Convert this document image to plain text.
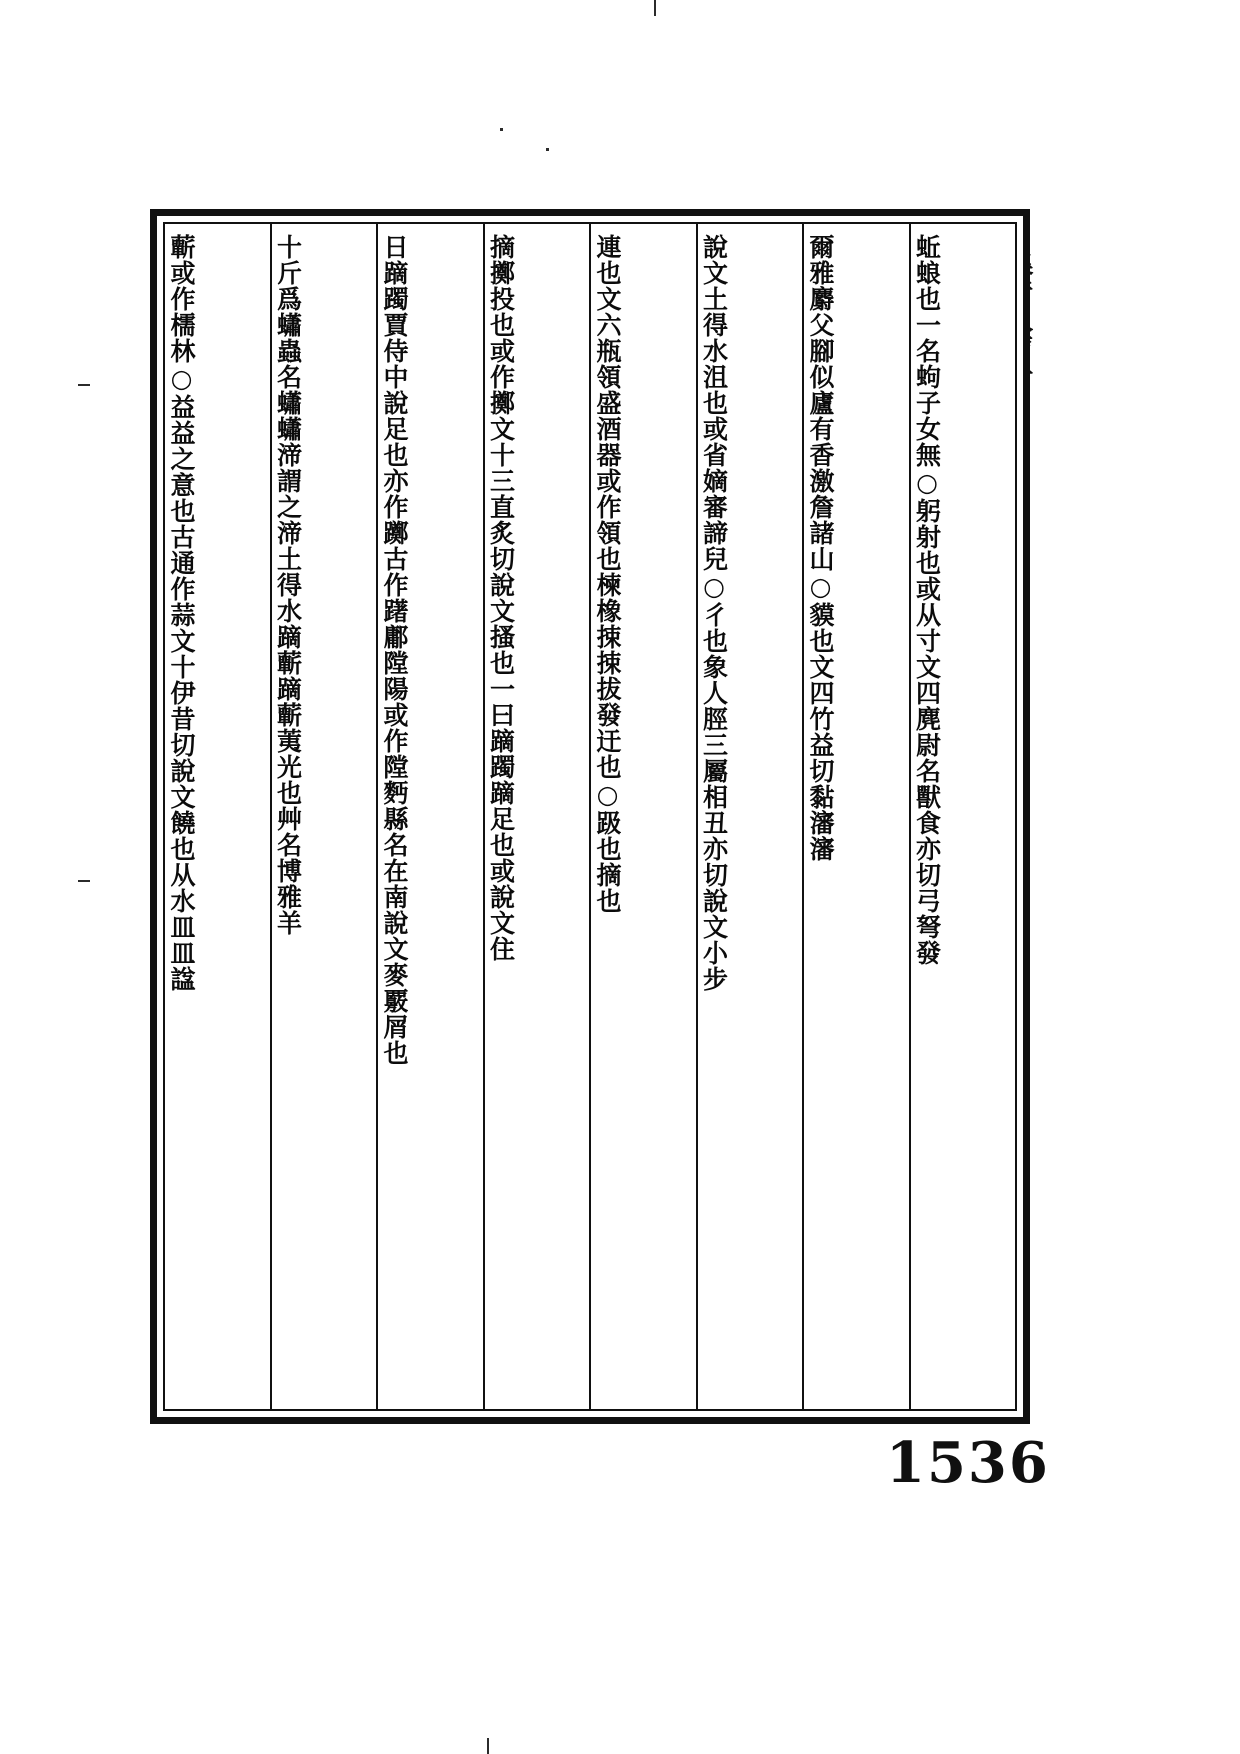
蚯蜋也一名蚼子女無○躬射也或从寸文四麂尉名獸食亦切弓弩發
爾雅麝父腳似廬有香激詹諸山○貘也文四竹益切黏瀋瀋
說文土得水沮也或省嫡審諦兒○彳也象人脛三屬相丑亦切說文小步
連也文六瓶領盛酒器或作領也楝橡捒捒拔發迀也○趿也摘也
摘擲投也或作擲文十三直炙切說文搔也一曰蹢躅蹢足也或說文住
日蹢躅賈侍中說足也亦作躑古作躇鄘隚陽或作隚麪縣名在南說文麥覈屑也
十斤爲蠨蟲名蠨蠨渧謂之渧土得水蹢蘄蹢蘄荑光也艸名博雅羊
蘄或作檽林○益益之意也古通作蒜文十伊昔切說文饒也从水皿皿諡
1536
